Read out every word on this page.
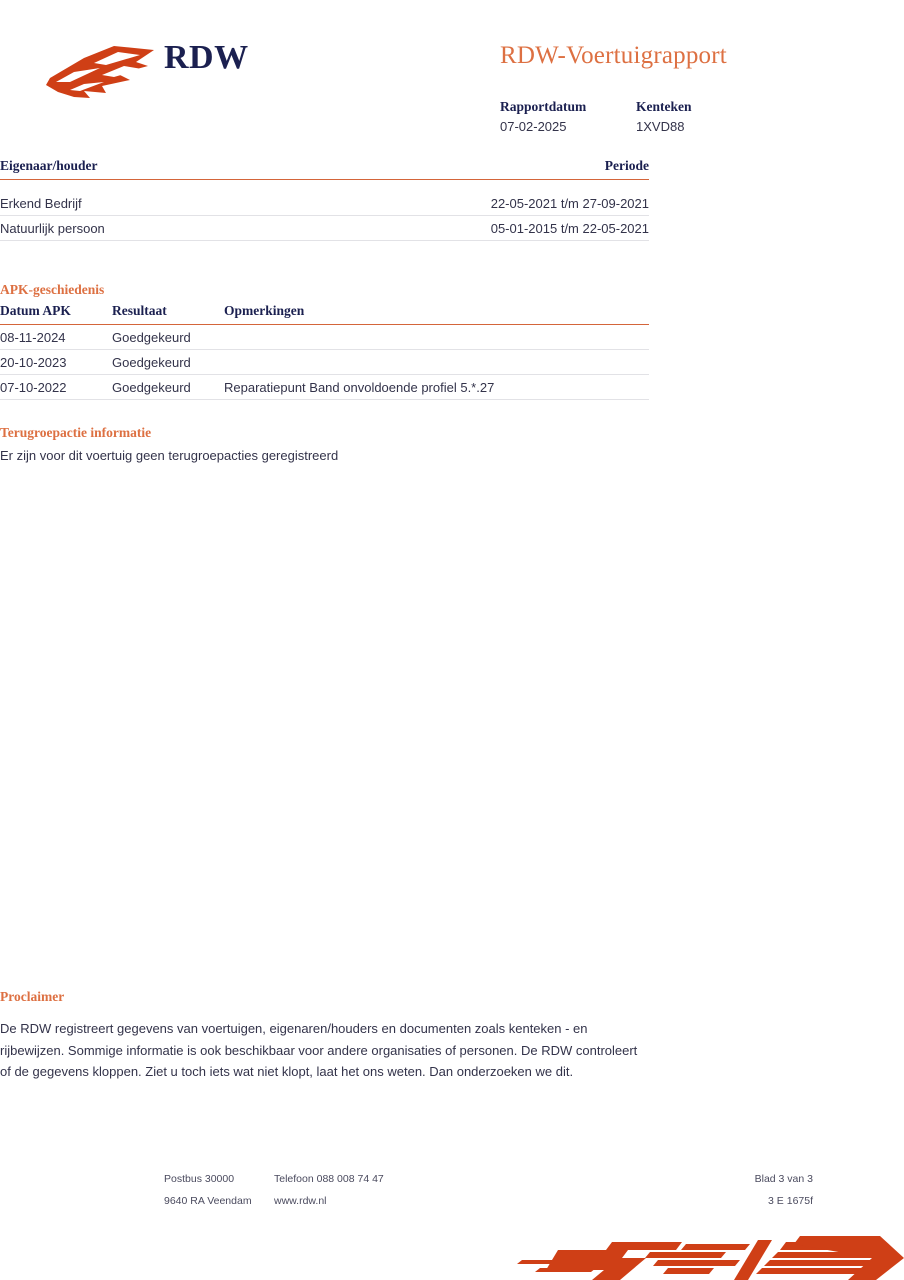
RDW	RDW-Voertuigrapport
Rapportdatum	Kenteken
07-02-2025	1XVD88
Eigenaar/houder	Periode

Erkend Bedrijf	22-05-2021 t/m 27-09-2021
Natuurlijk persoon	05-01-2015 t/m 22-05-2021
APK-geschiedenis
Datum APK	Resultaat	Opmerkingen
08-11-2024	Goedgekeurd	
20-10-2023	Goedgekeurd	
07-10-2022	Goedgekeurd	Reparatiepunt Band onvoldoende profiel 5.*.27
Terugroepactie informatie

Er zijn voor dit voertuig geen terugroepacties geregistreerd

Proclaimer

De RDW registreert gegevens van voertuigen, eigenaren/houders en documenten zoals kenteken - en rijbewijzen. Sommige informatie is ook beschikbaar voor andere organisaties of personen. De RDW controleert of de gegevens kloppen. Ziet u toch iets wat niet klopt, laat het ons weten. Dan onderzoeken we dit.

Postbus 30000	Telefoon 088 008 74 47	Blad 3 van 3
9640 RA Veendam	www.rdw.nl	3 E 1675f
